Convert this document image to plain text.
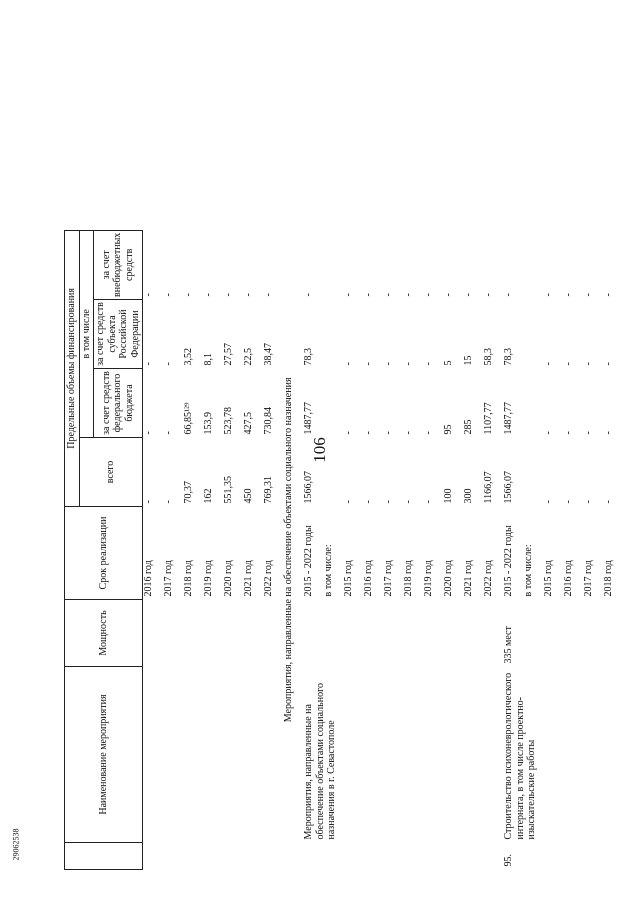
106
29062538
	Наименование мероприятия	Мощность	Срок реализации	Предельные объемы финансирования			
				всего	в том числе		
					за счет средств федерального бюджета	за счет средств субъекта Российской Федерации	за счет внебюджетных средств
			2016 год	-	-	-	-
			2017 год	-	-	-	-
			2018 год	70,37	66,85¹²⁹	3,52	-
			2019 год	162	153,9	8,1	-
			2020 год	551,35	523,78	27,57	-
			2021 год	450	427,5	22,5	-
			2022 год	769,31	730,84	38,47	-
Мероприятия, направленные на обеспечение объектами социального назначения							
	Мероприятия, направленные на обеспечение объектами социального назначения в г. Севастополе		2015 - 2022 годы	1566,07	1487,77	78,3	-
			в том числе:				
			2015 год	-	-	-	-
			2016 год	-	-	-	-
			2017 год	-	-	-	-
			2018 год	-	-	-	-
			2019 год	-	-	-	-
			2020 год	100	95	5	-
			2021 год	300	285	15	-
			2022 год	1166,07	1107,77	58,3	-
95.	Строительство психоневрологического интерната, в том числе проектно-изыскательские работы	335 мест	2015 - 2022 годы	1566,07	1487,77	78,3	-
			в том числе:				
			2015 год	-	-	-	-
			2016 год	-	-	-	-
			2017 год	-	-	-	-
			2018 год	-	-	-	-
